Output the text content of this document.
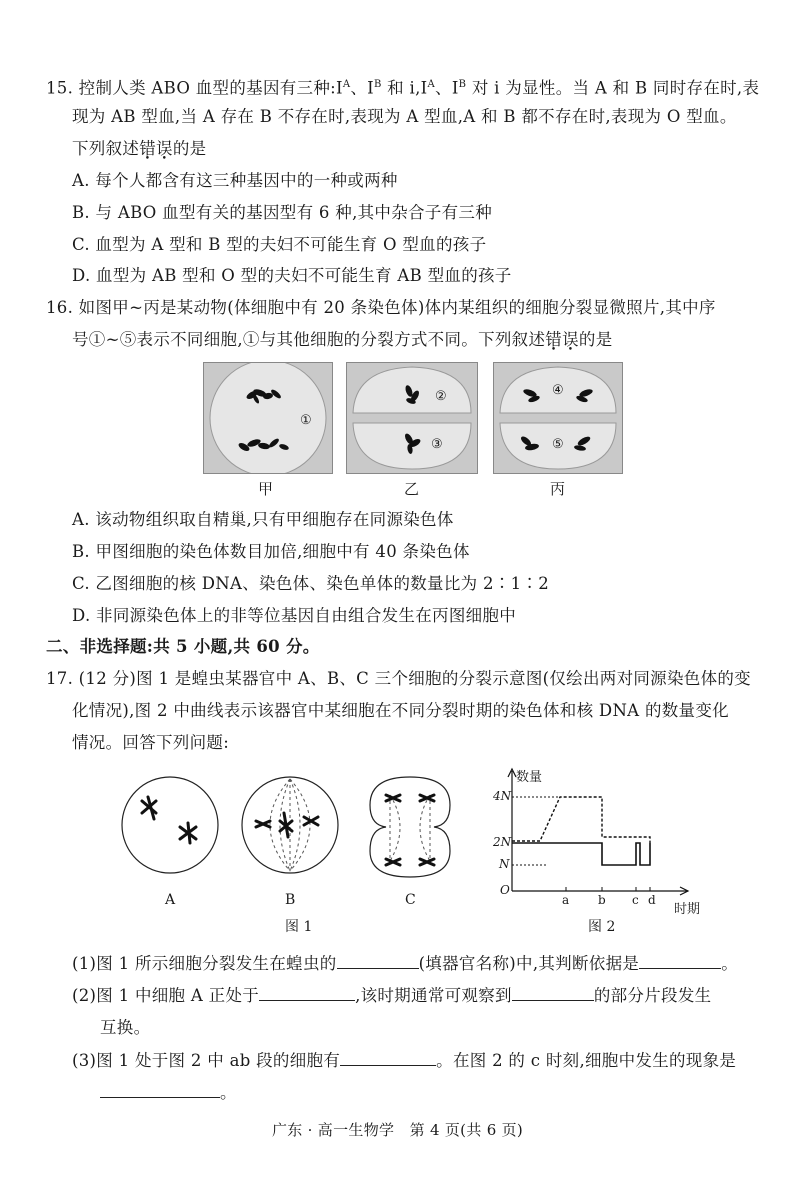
15. 控制人类 ABO 血型的基因有三种$:I^A$、$I^B$ 和 $i,I^A$、$I^B$ 对 i 为显性。当 A 和 B 同时存在时,表
现为 AB 型血,当 A 存在 B 不存在时,表现为 A 型血,A 和 B 都不存在时,表现为 O 型血。
下列叙述错误的是
A. 每个人都含有这三种基因中的一种或两种
B. 与 ABO 血型有关的基因型有 6 种,其中杂合子有三种
C. 血型为 A 型和 B 型的夫妇不可能生育 O 型血的孩子
D. 血型为 AB 型和 O 型的夫妇不可能生育 AB 型血的孩子
16. 如图甲~丙是某动物(体细胞中有 20 条染色体)体内某组织的细胞分裂显微照片,其中序
号①~⑤表示不同细胞,①与其他细胞的分裂方式不同。下列叙述错误的是
①
甲
②
③
乙
④
⑤
丙
A. 该动物组织取自精巢,只有甲细胞存在同源染色体
B. 甲图细胞的染色体数目加倍,细胞中有 40 条染色体
C. 乙图细胞的核 DNA、染色体、染色单体的数量比为 2∶1∶2
D. 非同源染色体上的非等位基因自由组合发生在丙图细胞中
二、非选择题:共 5 小题,共 60 分。
17. (12 分)图 1 是蝗虫某器官中 A、B、C 三个细胞的分裂示意图(仅绘出两对同源染色体的变
化情况),图 2 中曲线表示该器官中某细胞在不同分裂时期的染色体和核 DNA 的数量变化
情况。回答下列问题:
A	B	C
图 1
数量
4N
2N
N
O
a b c d
时期
图 2
(1)图 1 所示细胞分裂发生在蝗虫的	(填器官名称)中,其判断依据是	。
(2)图 1 中细胞 A 正处于	,该时期通常可观察到	的部分片段发生
互换。
(3)图 1 处于图 2 中 ab 段的细胞有	。在图 2 的 c 时刻,细胞中发生的现象是
。
广东 · 高一生物学　第 4 页(共 6 页)
